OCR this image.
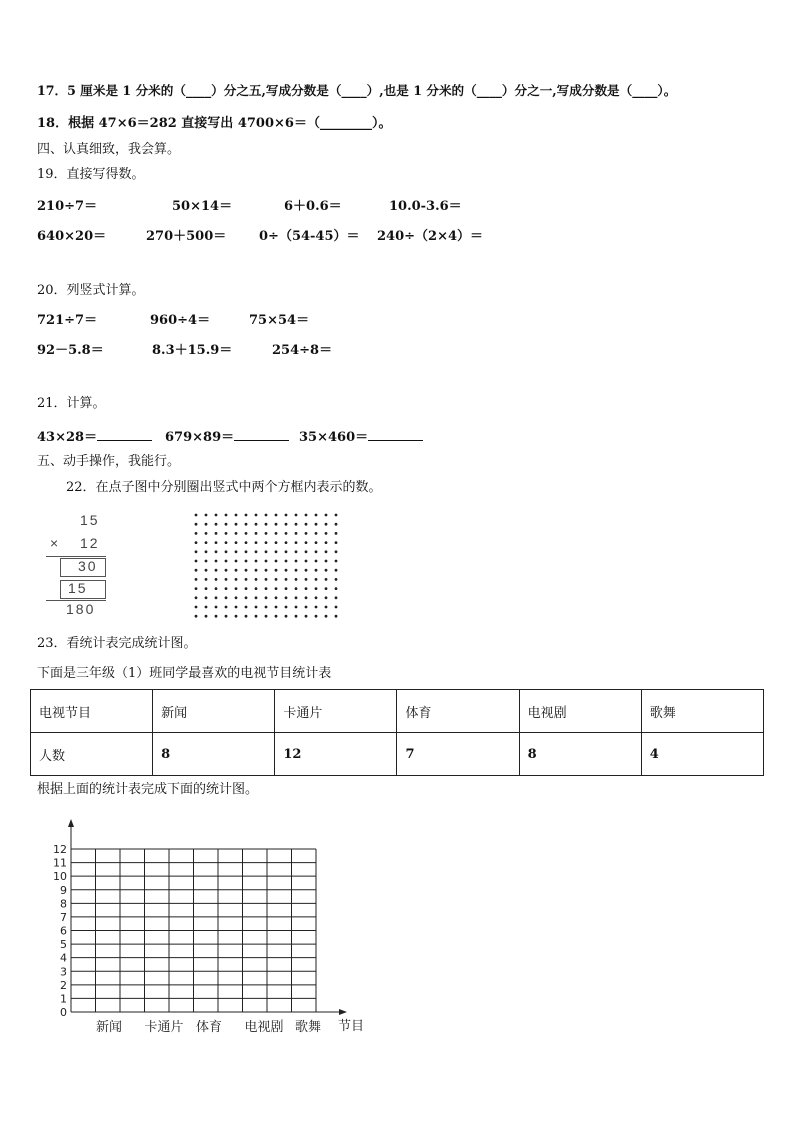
17．5 厘米是 1 分米的（____）分之五,写成分数是（____）,也是 1 分米的（____）分之一,写成分数是（____）。
18．根据 47×6＝282 直接写出 4700×6＝（________）。
四、认真细致，我会算。
19．直接写得数。
210÷7＝	50×14＝	6＋0.6＝	10.0-3.6＝
640×20＝	270＋500＝	0÷（54-45）＝ 240÷（2×4）＝
20．列竖式计算。
721÷7＝	960÷4＝	75×54＝
92－5.8＝	8.3＋15.9＝	254÷8＝
21．计算。
43×28＝	679×89＝	35×460＝
五、动手操作，我能行。
22．在点子图中分别圈出竖式中两个方框内表示的数。
15
× 12
30
15
180
23．看统计表完成统计图。
下面是三年级（1）班同学最喜欢的电视节目统计表
电视节目	新闻	卡通片	体育	电视剧	歌舞
人数	8	12	7	8	4
根据上面的统计表完成下面的统计图。
0
1
2
3
4
5
6
7
8
9
10
11
12
新闻 卡通片 体育 电视剧 歌舞 节目
